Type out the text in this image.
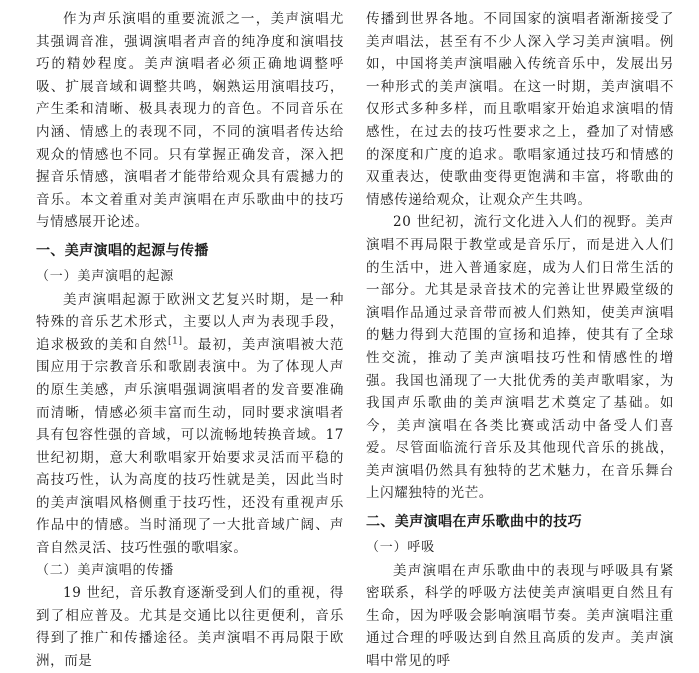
作为声乐演唱的重要流派之一，美声演唱尤其强调音准，强调演唱者声音的纯净度和演唱技巧的精妙程度。美声演唱者必须正确地调整呼吸、扩展音域和调整共鸣，娴熟运用演唱技巧，产生柔和清晰、极具表现力的音色。不同音乐在内涵、情感上的表现不同，不同的演唱者传达给观众的情感也不同。只有掌握正确发音，深入把握音乐情感，演唱者才能带给观众具有震撼力的音乐。本文着重对美声演唱在声乐歌曲中的技巧与情感展开论述。

一、美声演唱的起源与传播

（一）美声演唱的起源

美声演唱起源于欧洲文艺复兴时期，是一种特殊的音乐艺术形式，主要以人声为表现手段，追求极致的美和自然[1]。最初，美声演唱被大范围应用于宗教音乐和歌剧表演中。为了体现人声的原生美感，声乐演唱强调演唱者的发音要准确而清晰，情感必须丰富而生动，同时要求演唱者具有包容性强的音域，可以流畅地转换音域。17 世纪初期，意大利歌唱家开始要求灵活而平稳的高技巧性，认为高度的技巧性就是美，因此当时的美声演唱风格侧重于技巧性，还没有重视声乐作品中的情感。当时涌现了一大批音域广阔、声音自然灵活、技巧性强的歌唱家。

（二）美声演唱的传播

19 世纪，音乐教育逐渐受到人们的重视，得到了相应普及。尤其是交通比以往更便利，音乐得到了推广和传播途径。美声演唱不再局限于欧洲，而是

传播到世界各地。不同国家的演唱者渐渐接受了美声唱法，甚至有不少人深入学习美声演唱。例如，中国将美声演唱融入传统音乐中，发展出另一种形式的美声演唱。在这一时期，美声演唱不仅形式多种多样，而且歌唱家开始追求演唱的情感性，在过去的技巧性要求之上，叠加了对情感的深度和广度的追求。歌唱家通过技巧和情感的双重表达，使歌曲变得更饱满和丰富，将歌曲的情感传递给观众，让观众产生共鸣。

20 世纪初，流行文化进入人们的视野。美声演唱不再局限于教堂或是音乐厅，而是进入人们的生活中，进入普通家庭，成为人们日常生活的一部分。尤其是录音技术的完善让世界殿堂级的演唱作品通过录音带而被人们熟知，使美声演唱的魅力得到大范围的宣扬和追捧，使其有了全球性交流，推动了美声演唱技巧性和情感性的增强。我国也涌现了一大批优秀的美声歌唱家，为我国声乐歌曲的美声演唱艺术奠定了基础。如今，美声演唱在各类比赛或活动中备受人们喜爱。尽管面临流行音乐及其他现代音乐的挑战，美声演唱仍然具有独特的艺术魅力，在音乐舞台上闪耀独特的光芒。

二、美声演唱在声乐歌曲中的技巧

（一）呼吸

美声演唱在声乐歌曲中的表现与呼吸具有紧密联系，科学的呼吸方法使美声演唱更自然且有生命，因为呼吸会影响演唱节奏。美声演唱注重通过合理的呼吸达到自然且高质的发声。美声演唱中常见的呼
